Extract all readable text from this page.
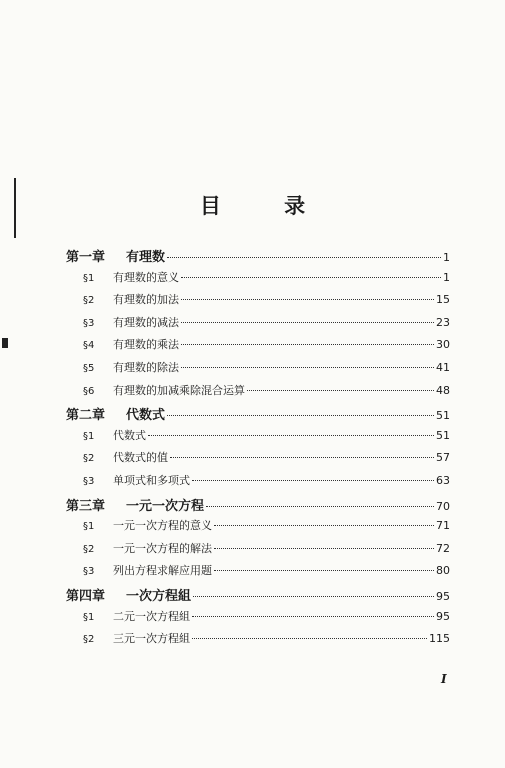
目 录
第一章	有理数	1
§1	有理数的意义	1
§2	有理数的加法	15
§3	有理数的减法	23
§4	有理数的乘法	30
§5	有理数的除法	41
§6	有理数的加减乘除混合运算	48
第二章	代数式	51
§1	代数式	51
§2	代数式的值	57
§3	单项式和多项式	63
第三章	一元一次方程	70
§1	一元一次方程的意义	71
§2	一元一次方程的解法	72
§3	列出方程求解应用题	80
第四章	一次方程組	95
§1	二元一次方程組	95
§2	三元一次方程組	115
I
